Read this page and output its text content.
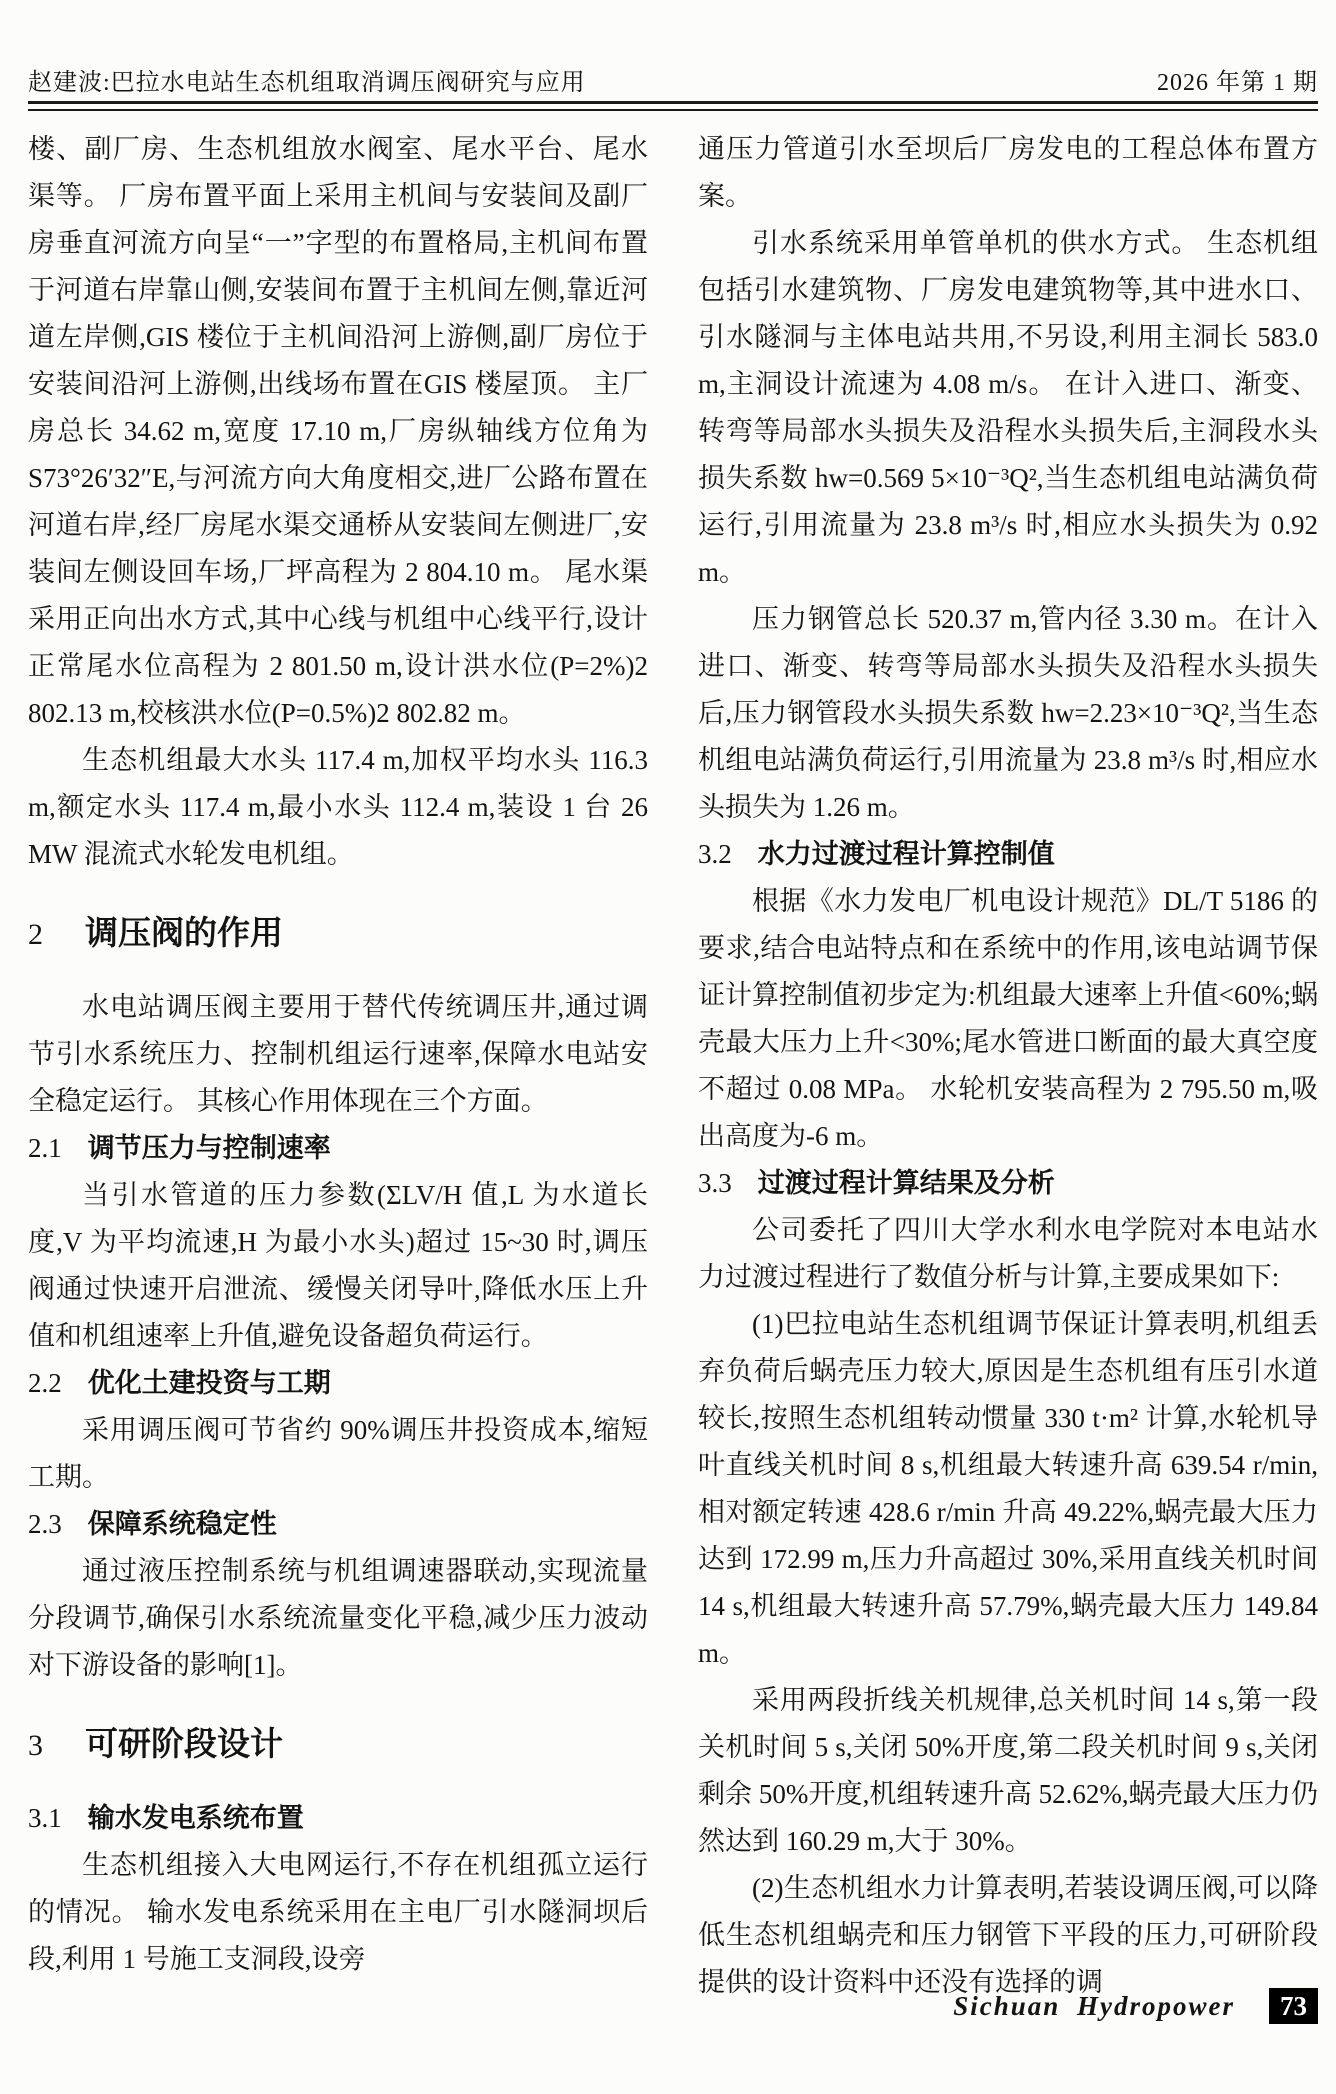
赵建波:巴拉水电站生态机组取消调压阀研究与应用	2026 年第 1 期

楼、副厂房、生态机组放水阀室、尾水平台、尾水渠等。 厂房布置平面上采用主机间与安装间及副厂房垂直河流方向呈“一”字型的布置格局,主机间布置于河道右岸靠山侧,安装间布置于主机间左侧,靠近河道左岸侧,GIS 楼位于主机间沿河上游侧,副厂房位于安装间沿河上游侧,出线场布置在GIS 楼屋顶。 主厂房总长 34.62 m,宽度 17.10 m,厂房纵轴线方位角为 S73°26′32″E,与河流方向大角度相交,进厂公路布置在河道右岸,经厂房尾水渠交通桥从安装间左侧进厂,安装间左侧设回车场,厂坪高程为 2 804.10 m。 尾水渠采用正向出水方式,其中心线与机组中心线平行,设计正常尾水位高程为 2 801.50 m,设计洪水位(P=2%)2 802.13 m,校核洪水位(P=0.5%)2 802.82 m。

生态机组最大水头 117.4 m,加权平均水头 116.3 m,额定水头 117.4 m,最小水头 112.4 m,装设 1 台 26 MW 混流式水轮发电机组。

2 调压阀的作用

水电站调压阀主要用于替代传统调压井,通过调节引水系统压力、控制机组运行速率,保障水电站安全稳定运行。 其核心作用体现在三个方面。

2.1 调节压力与控制速率

当引水管道的压力参数(ΣLV/H 值,L 为水道长度,V 为平均流速,H 为最小水头)超过 15~30 时,调压阀通过快速开启泄流、缓慢关闭导叶,降低水压上升值和机组速率上升值,避免设备超负荷运行。

2.2 优化土建投资与工期

采用调压阀可节省约 90%调压井投资成本,缩短工期。

2.3 保障系统稳定性

通过液压控制系统与机组调速器联动,实现流量分段调节,确保引水系统流量变化平稳,减少压力波动对下游设备的影响[1]。

3 可研阶段设计
3.1 输水发电系统布置

生态机组接入大电网运行,不存在机组孤立运行的情况。 输水发电系统采用在主电厂引水隧洞坝后段,利用 1 号施工支洞段,设旁

通压力管道引水至坝后厂房发电的工程总体布置方案。

引水系统采用单管单机的供水方式。 生态机组包括引水建筑物、厂房发电建筑物等,其中进水口、引水隧洞与主体电站共用,不另设,利用主洞长 583.0 m,主洞设计流速为 4.08 m/s。 在计入进口、渐变、转弯等局部水头损失及沿程水头损失后,主洞段水头损失系数 hw=0.569 5×10⁻³Q²,当生态机组电站满负荷运行,引用流量为 23.8 m³/s 时,相应水头损失为 0.92 m。

压力钢管总长 520.37 m,管内径 3.30 m。在计入进口、渐变、转弯等局部水头损失及沿程水头损失后,压力钢管段水头损失系数 hw=2.23×10⁻³Q²,当生态机组电站满负荷运行,引用流量为 23.8 m³/s 时,相应水头损失为 1.26 m。

3.2 水力过渡过程计算控制值

根据《水力发电厂机电设计规范》DL/T 5186 的要求,结合电站特点和在系统中的作用,该电站调节保证计算控制值初步定为:机组最大速率上升值<60%;蜗壳最大压力上升<30%;尾水管进口断面的最大真空度不超过 0.08 MPa。 水轮机安装高程为 2 795.50 m,吸出高度为-6 m。

3.3 过渡过程计算结果及分析

公司委托了四川大学水利水电学院对本电站水力过渡过程进行了数值分析与计算,主要成果如下:

(1)巴拉电站生态机组调节保证计算表明,机组丢弃负荷后蜗壳压力较大,原因是生态机组有压引水道较长,按照生态机组转动惯量 330 t·m² 计算,水轮机导叶直线关机时间 8 s,机组最大转速升高 639.54 r/min,相对额定转速 428.6 r/min 升高 49.22%,蜗壳最大压力达到 172.99 m,压力升高超过 30%,采用直线关机时间 14 s,机组最大转速升高 57.79%,蜗壳最大压力 149.84 m。

采用两段折线关机规律,总关机时间 14 s,第一段关机时间 5 s,关闭 50%开度,第二段关机时间 9 s,关闭剩余 50%开度,机组转速升高 52.62%,蜗壳最大压力仍然达到 160.29 m,大于 30%。

(2)生态机组水力计算表明,若装设调压阀,可以降低生态机组蜗壳和压力钢管下平段的压力,可研阶段提供的设计资料中还没有选择的调

Sichuan Hydropower	73
